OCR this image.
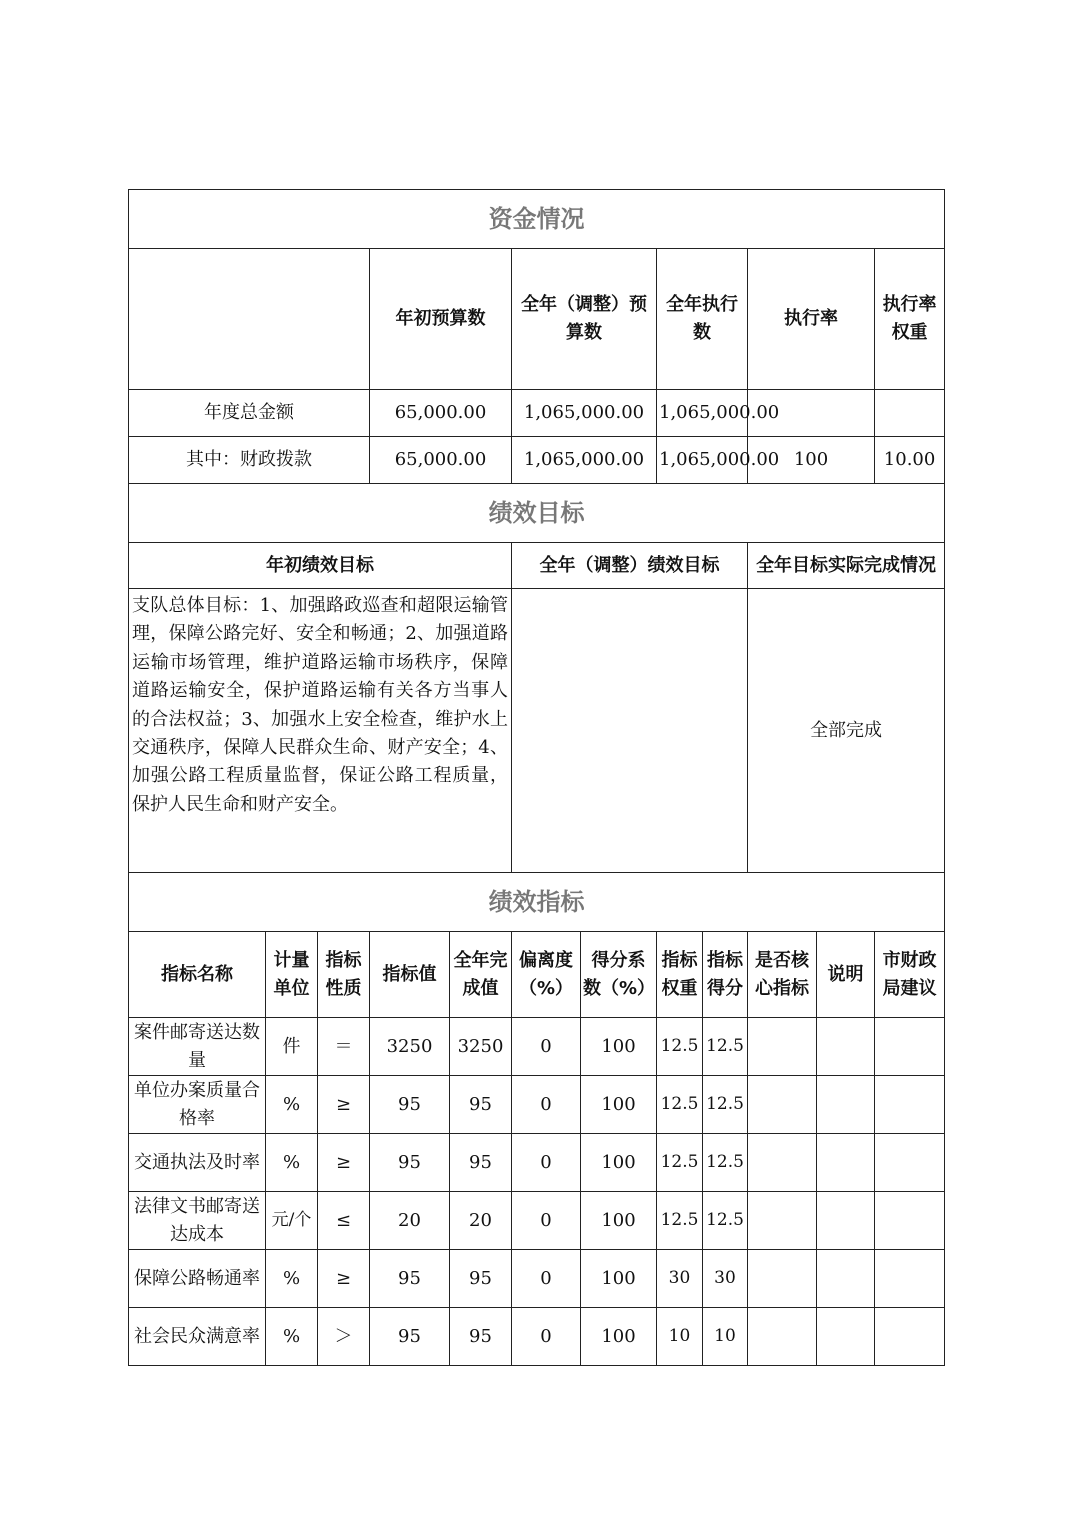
资金情况												
			年初预算数		全年（调整）预算数		全年执行数		执行率		执行率权重	
年度总金额			65,000.00		1,065,000.00		1,065,000.00					
其中：财政拨款			65,000.00		1,065,000.00		1,065,000.00		100		10.00	
绩效目标												
年初绩效目标					全年（调整）绩效目标				全年目标实际完成情况			
支队总体目标：1、加强路政巡查和超限运输管理，保障公路完好、安全和畅通；2、加强道路运输市场管理，维护道路运输市场秩序，保障道路运输安全，保护道路运输有关各方当事人的合法权益；3、加强水上安全检查，维护水上交通秩序，保障人民群众生命、财产安全；4、加强公路工程质量监督，保证公路工程质量，保护人民生命和财产安全。									全部完成			
绩效指标												
指标名称	计量单位	指标性质	指标值	全年完成值	偏离度（%）	得分系数（%）	指标权重	指标得分	是否核心指标	说明	市财政局建议	
案件邮寄送达数量	件	＝	3250	3250	0	100	12.5	12.5				
单位办案质量合格率	%	≥	95	95	0	100	12.5	12.5				
交通执法及时率	%	≥	95	95	0	100	12.5	12.5				
法律文书邮寄送达成本	元/个	≤	20	20	0	100	12.5	12.5				
保障公路畅通率	%	≥	95	95	0	100	30	30				
社会民众满意率	%	＞	95	95	0	100	10	10				
